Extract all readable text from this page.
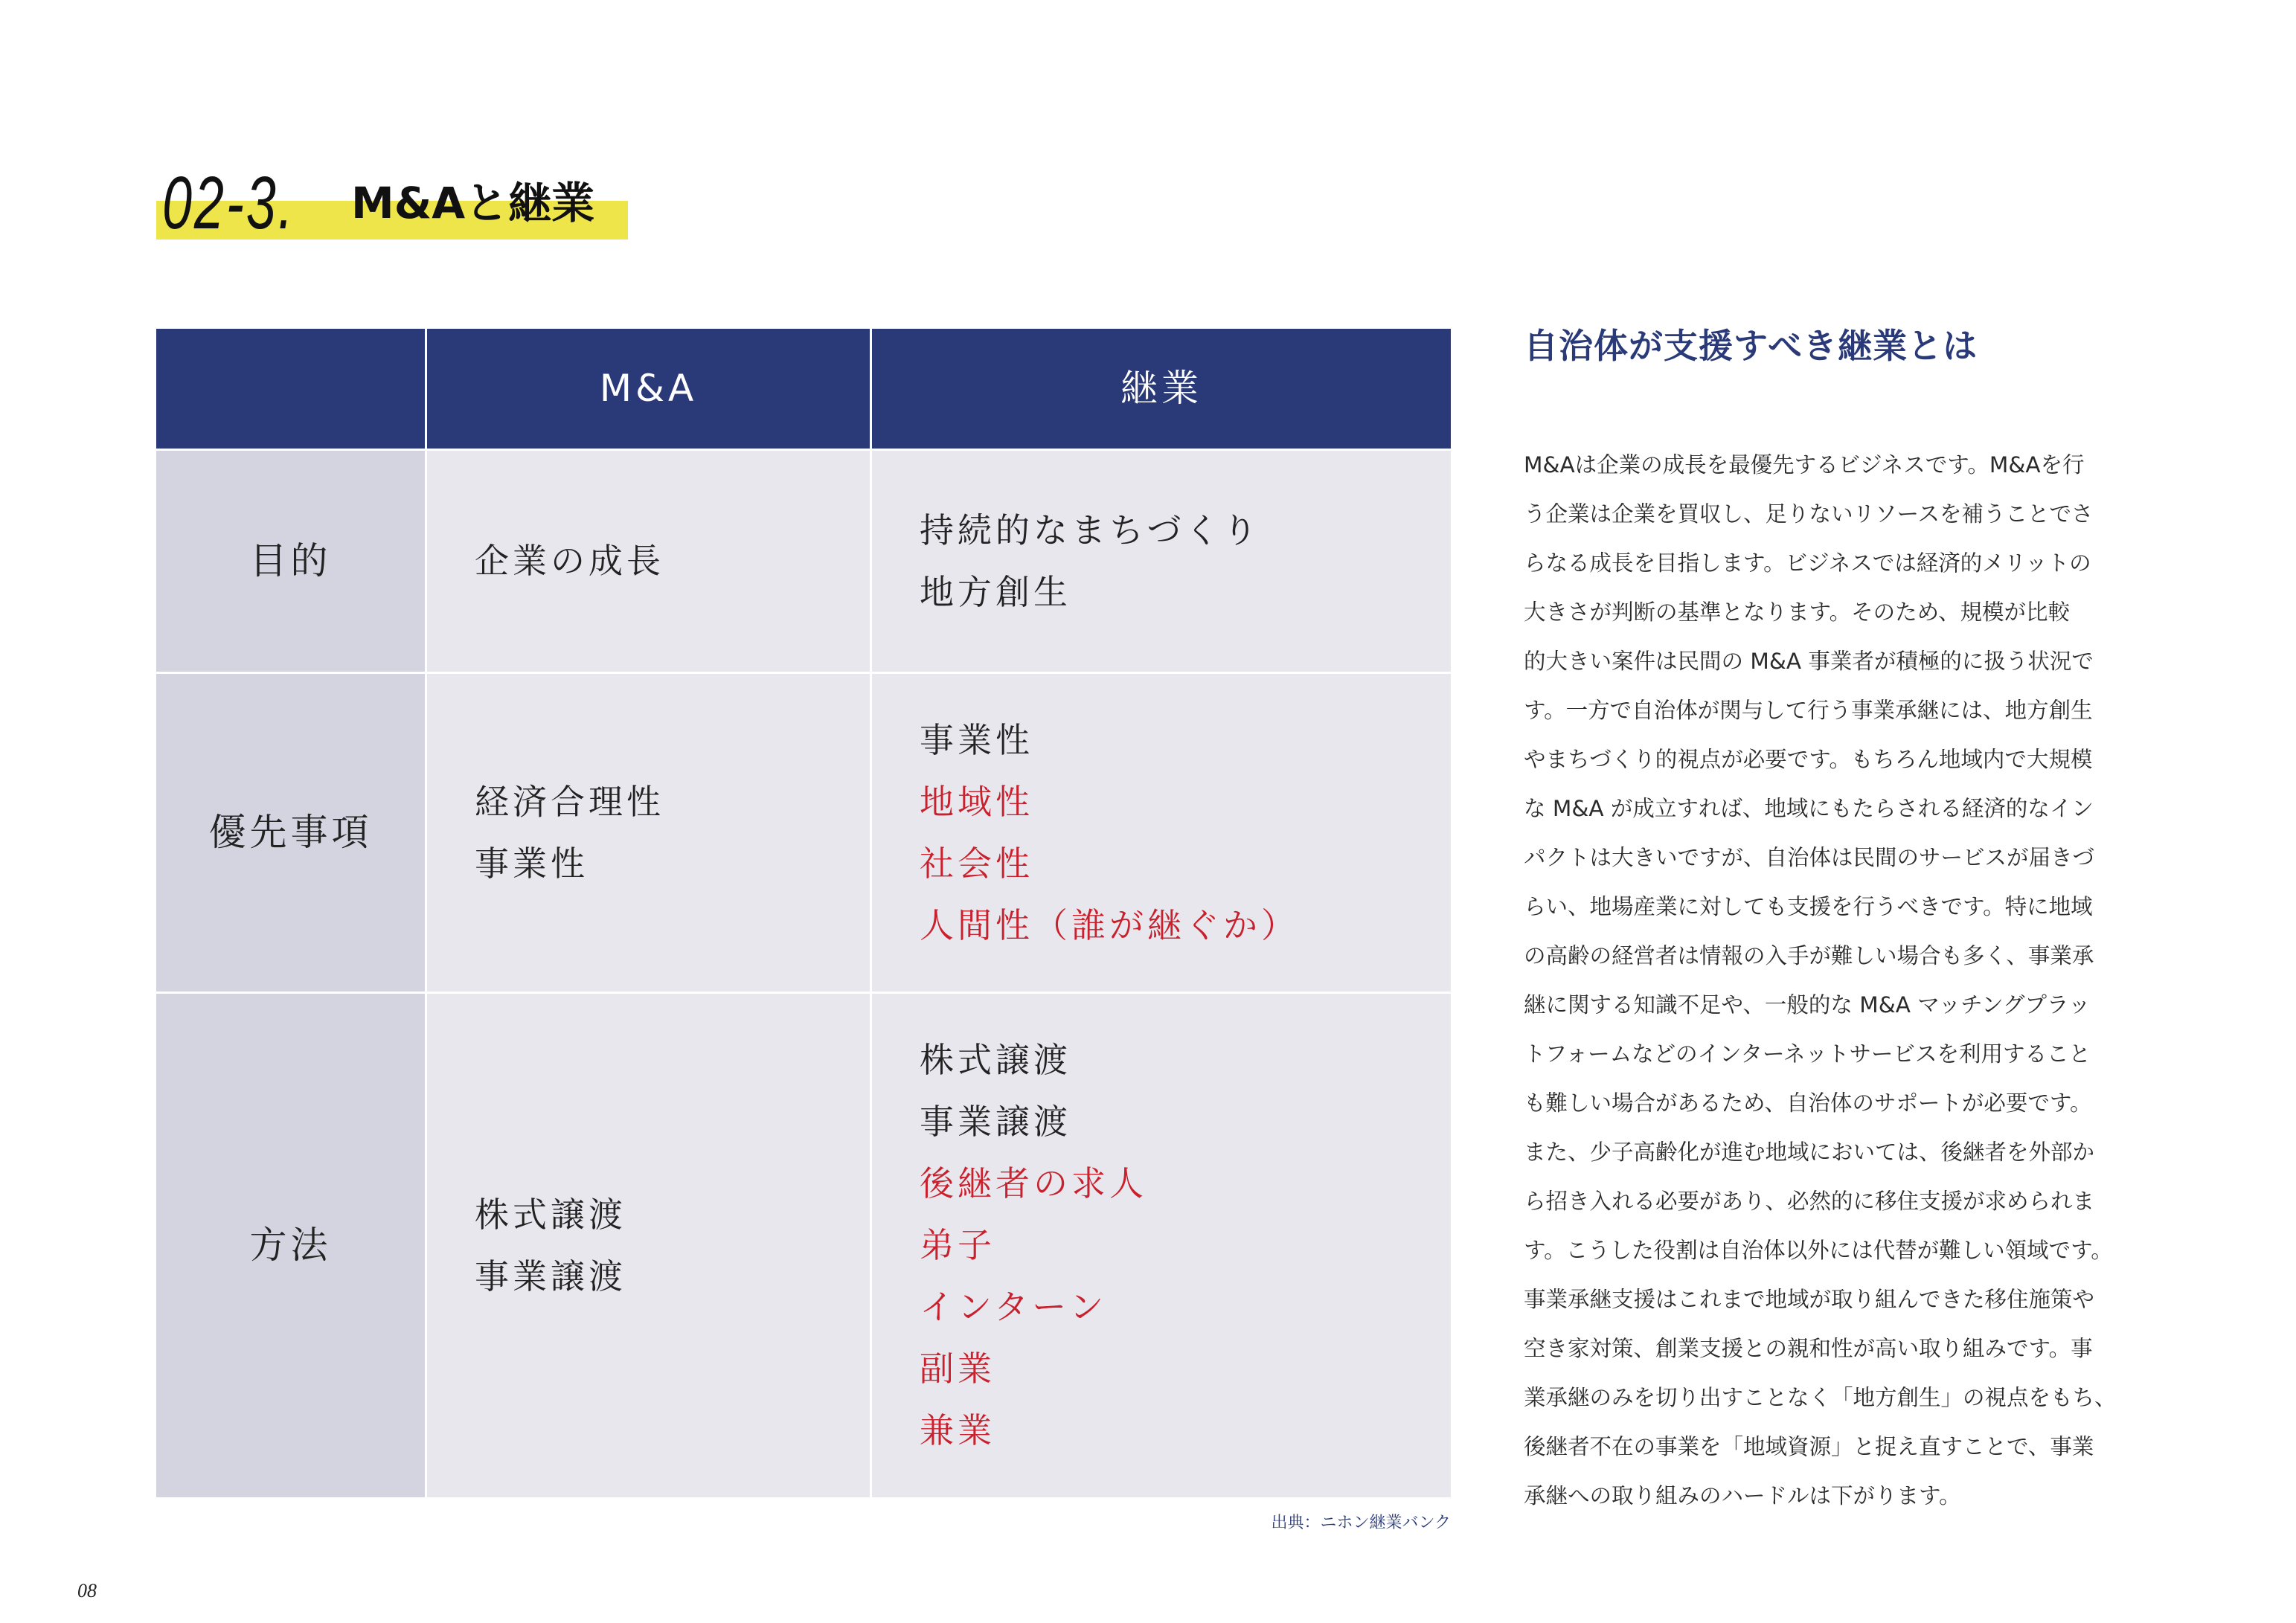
02-3. M&Aと継業
M&A	継業
目的	企業の成長
持続的なまちづくり
地方創生
優先事項
経済合理性
事業性
事業性
地域性
社会性
人間性（誰が継ぐか）
方法
株式譲渡
事業譲渡
株式譲渡
事業譲渡
後継者の求人
弟子
インターン
副業
兼業
出典：ニホン継業バンク
自治体が支援すべき継業とは
M&Aは企業の成長を最優先するビジネスです。M&Aを行
う企業は企業を買収し、足りないリソースを補うことでさ
らなる成長を目指します。ビジネスでは経済的メリットの
大きさが判断の基準となります。そのため、規模が比較
的大きい案件は民間の M&A 事業者が積極的に扱う状況で
す。一方で自治体が関与して行う事業承継には、地方創生
やまちづくり的視点が必要です。もちろん地域内で大規模
な M&A が成立すれば、地域にもたらされる経済的なイン
パクトは大きいですが、自治体は民間のサービスが届きづ
らい、地場産業に対しても支援を行うべきです。特に地域
の高齢の経営者は情報の入手が難しい場合も多く、事業承
継に関する知識不足や、一般的な M&A マッチングプラッ
トフォームなどのインターネットサービスを利用すること
も難しい場合があるため、自治体のサポートが必要です。
また、少子高齢化が進む地域においては、後継者を外部か
ら招き入れる必要があり、必然的に移住支援が求められま
す。こうした役割は自治体以外には代替が難しい領域です。
事業承継支援はこれまで地域が取り組んできた移住施策や
空き家対策、創業支援との親和性が高い取り組みです。事
業承継のみを切り出すことなく「地方創生」の視点をもち、
後継者不在の事業を「地域資源」と捉え直すことで、事業
承継への取り組みのハードルは下がります。
08
